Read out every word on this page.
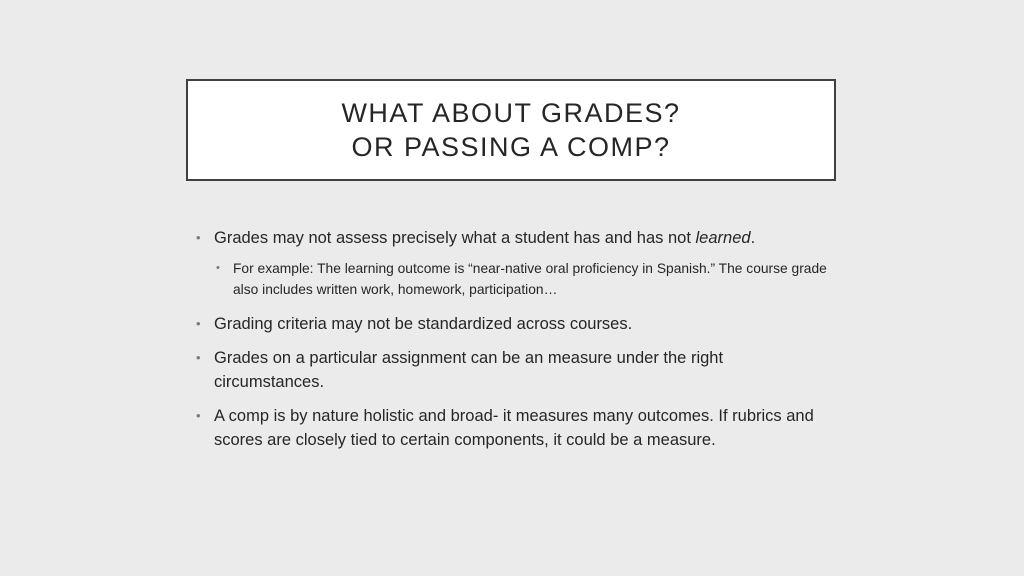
WHAT ABOUT GRADES?
OR PASSING A COMP?
• Grades may not assess precisely what a student has and has not learned.
• For example: The learning outcome is “near-native oral proficiency in Spanish.” The course grade also includes written work, homework, participation…
• Grading criteria may not be standardized across courses.
• Grades on a particular assignment can be an measure under the right circumstances.
• A comp is by nature holistic and broad- it measures many outcomes. If rubrics and scores are closely tied to certain components, it could be a measure.
